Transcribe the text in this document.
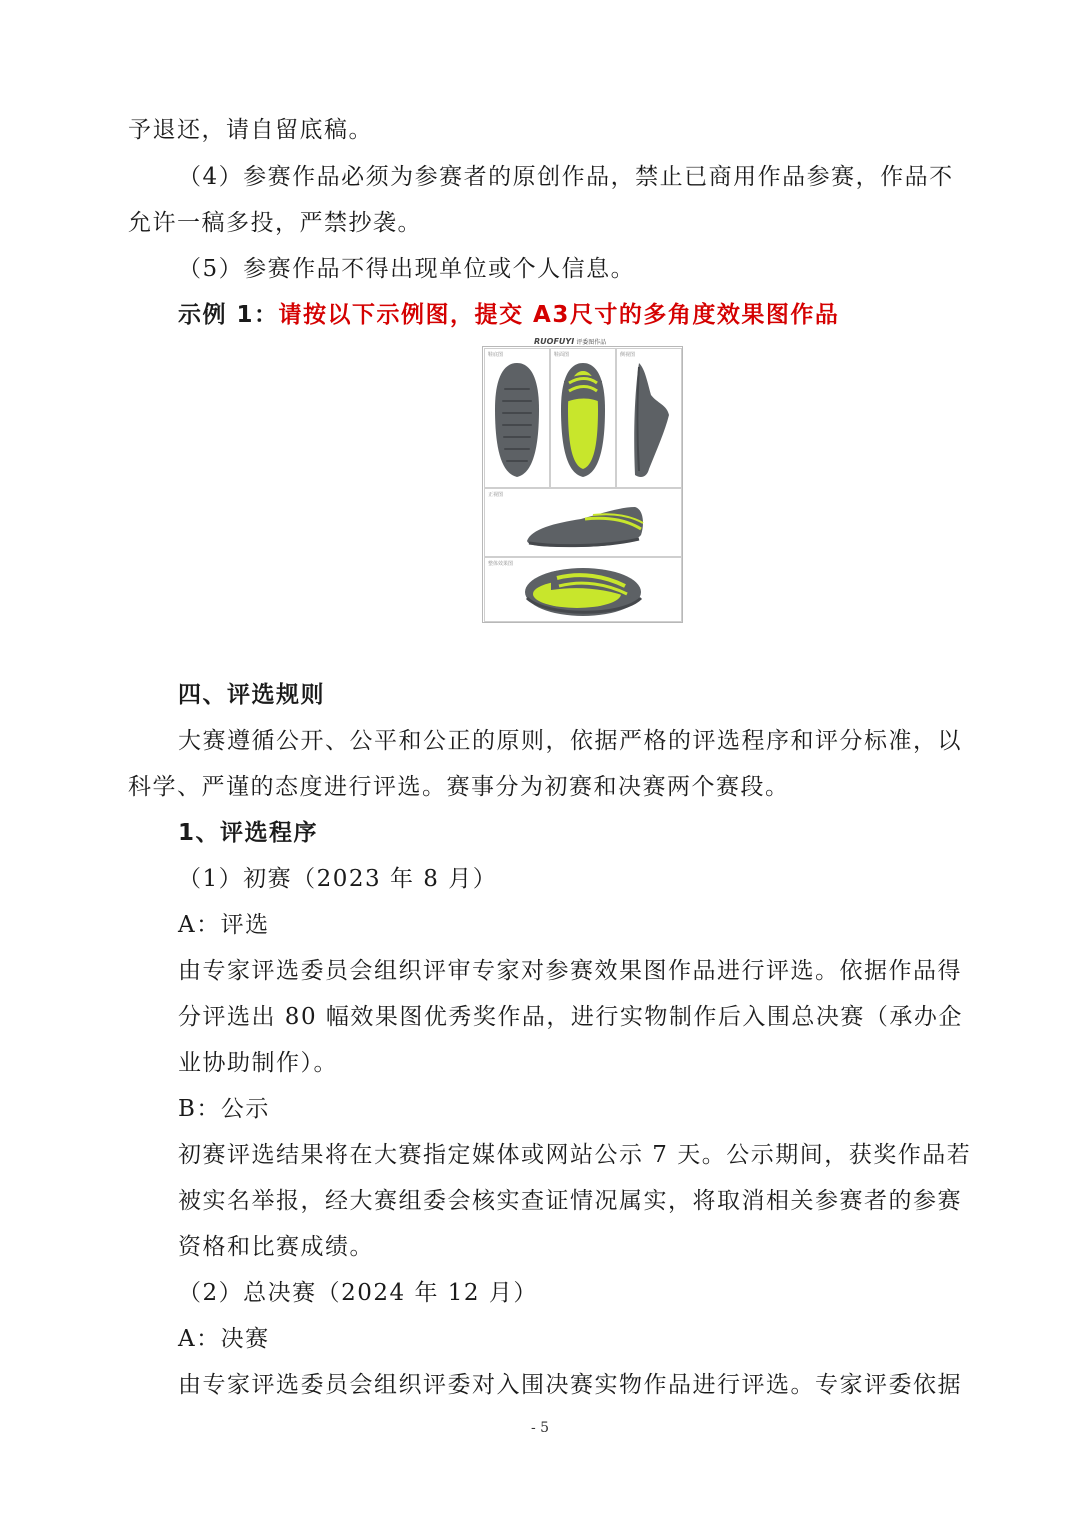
予退还，请自留底稿。
（4）参赛作品必须为参赛者的原创作品，禁止已商用作品参赛，作品不
允许一稿多投，严禁抄袭。
（5）参赛作品不得出现单位或个人信息。
示例 1：请按以下示例图，提交 A3尺寸的多角度效果图作品
RUOFUYI 评委图作品
鞋底图	鞋面图	侧视图
正视图
整体效果图
四、评选规则
大赛遵循公开、公平和公正的原则，依据严格的评选程序和评分标准，以
科学、严谨的态度进行评选。赛事分为初赛和决赛两个赛段。
1、评选程序
（1）初赛（2023 年 8 月）
A：评选
由专家评选委员会组织评审专家对参赛效果图作品进行评选。依据作品得
分评选出 80 幅效果图优秀奖作品，进行实物制作后入围总决赛（承办企
业协助制作）。
B：公示
初赛评选结果将在大赛指定媒体或网站公示 7 天。公示期间，获奖作品若
被实名举报，经大赛组委会核实查证情况属实，将取消相关参赛者的参赛
资格和比赛成绩。
（2）总决赛（2024 年 12 月）
A：决赛
由专家评选委员会组织评委对入围决赛实物作品进行评选。专家评委依据
- 5
